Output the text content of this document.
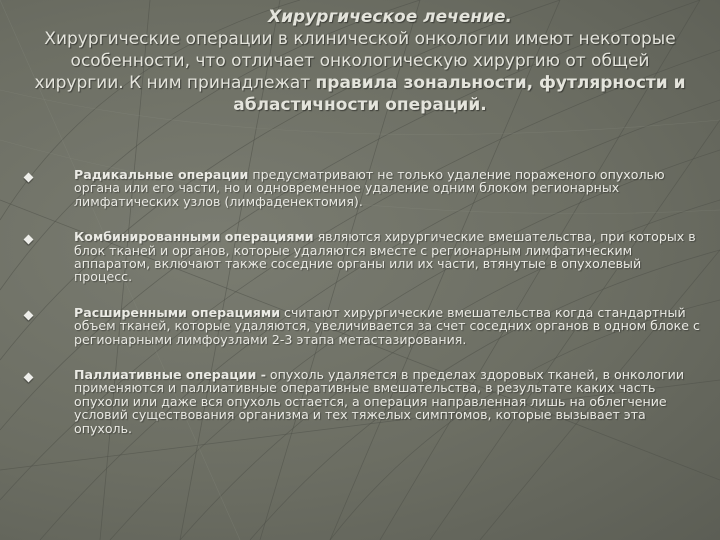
Хирургическое лечение.
Хирургические операции в клинической онкологии имеют некоторые особенности, что отличает онкологическую хирургию от общей хирургии. К ним принадлежат правила зональности, футлярности и абластичности операций.
Радикальные операции предусматривают не только удаление пораженого опухолью органа или его части, но и одновременное удаление одним блоком регионарных лимфатических узлов (лимфаденектомия).
Комбинированными операциями являются хирургические вмешательства, при которых в блок тканей и органов, которые удаляются вместе с регионарным лимфатическим аппаратом, включают также соседние органы или их части, втянутые в опухолевый процесс.
Расширенными операциями считают хирургические вмешательства когда стандартный объем тканей, которые удаляются, увеличивается за счет соседних органов в одном блоке с регионарными лимфоузлами 2-3 этапа метастазирования.
Паллиативные операции - опухоль удаляется в пределах здоровых тканей, в онкологии применяются и паллиативные оперативные вмешательства, в результате каких часть опухоли или даже вся опухоль остается, а операция направленная лишь на облегчение условий существования организма и тех тяжелых симптомов, которые вызывает эта опухоль.
